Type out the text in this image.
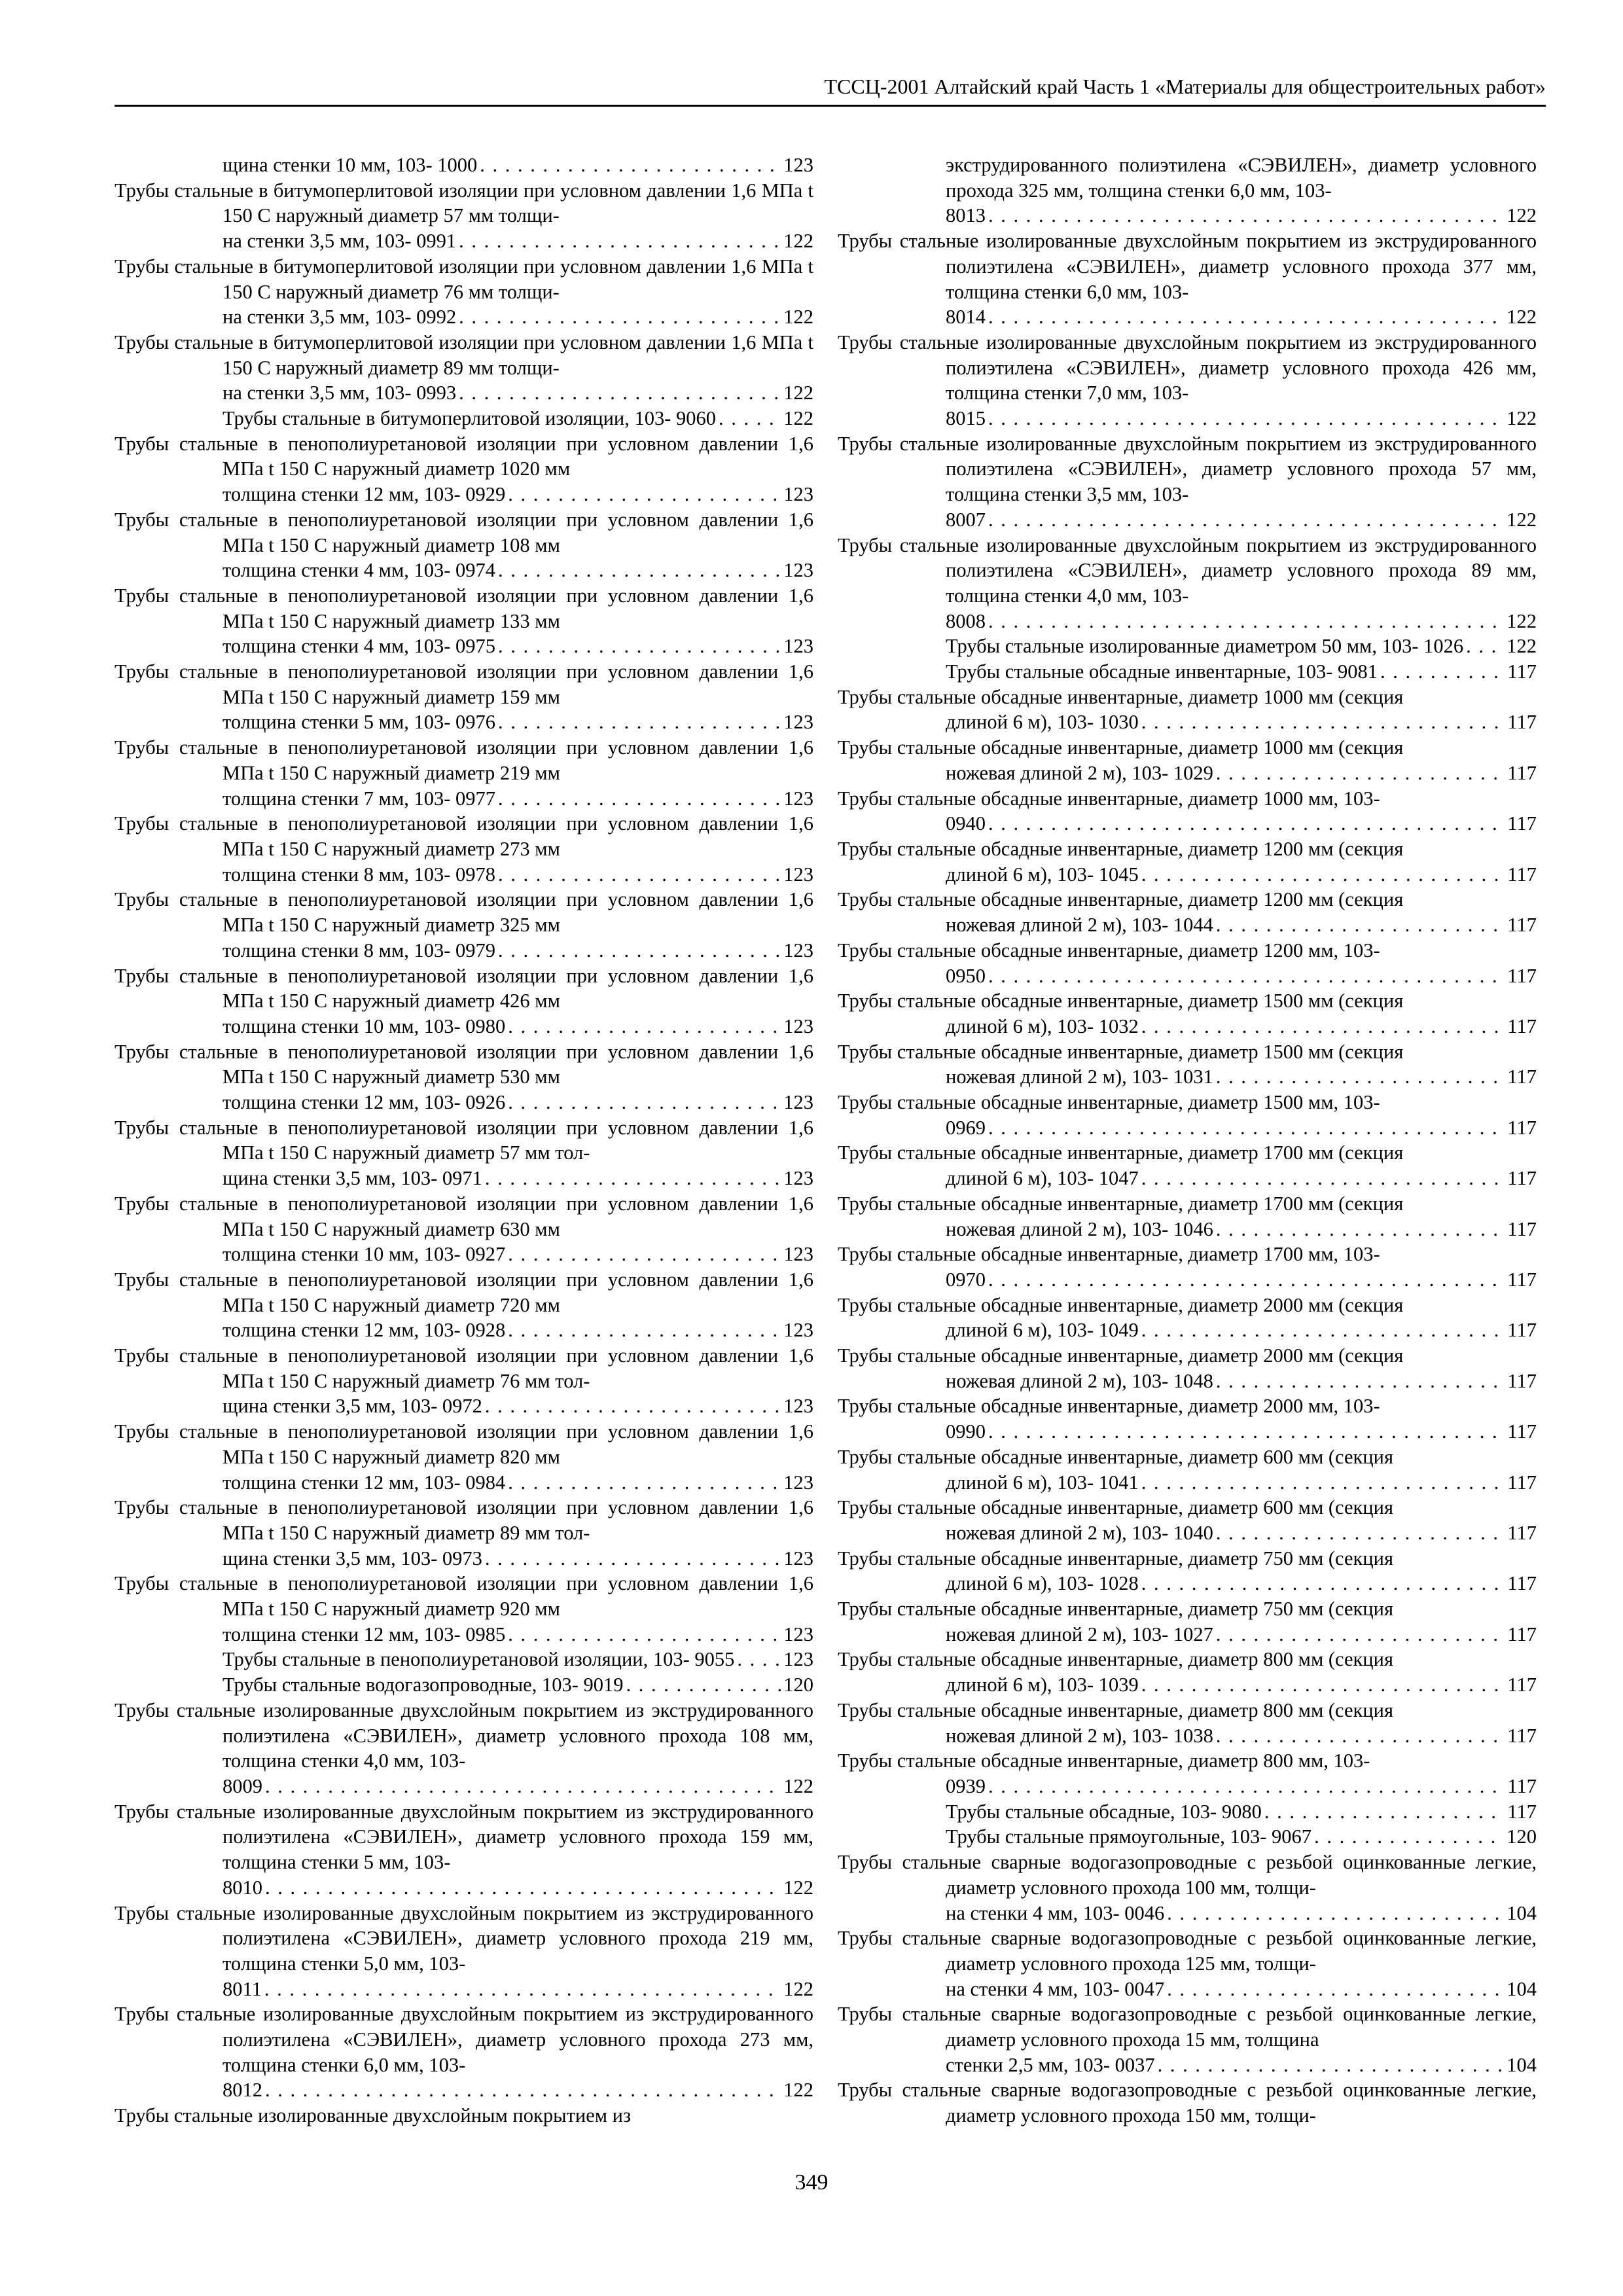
ТССЦ-2001 Алтайский край Часть 1 «Материалы для общестроительных работ»
щина стенки 10 мм, 103- 1000 . . .	123
Трубы стальные в битумоперлитовой изоляции при условном давлении 1,6 МПа t 150 С наружный диаметр 57 мм толщи-
на стенки 3,5 мм, 103- 0991 . . .	122
Трубы стальные в битумоперлитовой изоляции при условном давлении 1,6 МПа t 150 С наружный диаметр 76 мм толщи-
на стенки 3,5 мм, 103- 0992 . . .	122
Трубы стальные в битумоперлитовой изоляции при условном давлении 1,6 МПа t 150 С наружный диаметр 89 мм толщи-
на стенки 3,5 мм, 103- 0993 . . .	122
Трубы стальные в битумоперлитовой изоляции, 103- 9060 . . .	122
Трубы стальные в пенополиуретановой изоляции при условном давлении 1,6 МПа t 150 С наружный диаметр 1020 мм
толщина стенки 12 мм, 103- 0929 . . .	123
Трубы стальные в пенополиуретановой изоляции при условном давлении 1,6 МПа t 150 С наружный диаметр 108 мм
толщина стенки 4 мм, 103- 0974 . . .	123
Трубы стальные в пенополиуретановой изоляции при условном давлении 1,6 МПа t 150 С наружный диаметр 133 мм
толщина стенки 4 мм, 103- 0975 . . .	123
Трубы стальные в пенополиуретановой изоляции при условном давлении 1,6 МПа t 150 С наружный диаметр 159 мм
толщина стенки 5 мм, 103- 0976 . . .	123
Трубы стальные в пенополиуретановой изоляции при условном давлении 1,6 МПа t 150 С наружный диаметр 219 мм
толщина стенки 7 мм, 103- 0977 . . .	123
Трубы стальные в пенополиуретановой изоляции при условном давлении 1,6 МПа t 150 С наружный диаметр 273 мм
толщина стенки 8 мм, 103- 0978 . . .	123
Трубы стальные в пенополиуретановой изоляции при условном давлении 1,6 МПа t 150 С наружный диаметр 325 мм
толщина стенки 8 мм, 103- 0979 . . .	123
Трубы стальные в пенополиуретановой изоляции при условном давлении 1,6 МПа t 150 С наружный диаметр 426 мм
толщина стенки 10 мм, 103- 0980 . . .	123
Трубы стальные в пенополиуретановой изоляции при условном давлении 1,6 МПа t 150 С наружный диаметр 530 мм
толщина стенки 12 мм, 103- 0926 . . .	123
Трубы стальные в пенополиуретановой изоляции при условном давлении 1,6 МПа t 150 С наружный диаметр 57 мм тол-
щина стенки 3,5 мм, 103- 0971 . . .	123
Трубы стальные в пенополиуретановой изоляции при условном давлении 1,6 МПа t 150 С наружный диаметр 630 мм
толщина стенки 10 мм, 103- 0927 . . .	123
Трубы стальные в пенополиуретановой изоляции при условном давлении 1,6 МПа t 150 С наружный диаметр 720 мм
толщина стенки 12 мм, 103- 0928 . . .	123
Трубы стальные в пенополиуретановой изоляции при условном давлении 1,6 МПа t 150 С наружный диаметр 76 мм тол-
щина стенки 3,5 мм, 103- 0972 . . .	123
Трубы стальные в пенополиуретановой изоляции при условном давлении 1,6 МПа t 150 С наружный диаметр 820 мм
толщина стенки 12 мм, 103- 0984 . . .	123
Трубы стальные в пенополиуретановой изоляции при условном давлении 1,6 МПа t 150 С наружный диаметр 89 мм тол-
щина стенки 3,5 мм, 103- 0973 . . .	123
Трубы стальные в пенополиуретановой изоляции при условном давлении 1,6 МПа t 150 С наружный диаметр 920 мм
толщина стенки 12 мм, 103- 0985 . . .	123
Трубы стальные в пенополиуретановой изоляции, 103- 9055 . . . 123
Трубы стальные водогазопроводные, 103- 9019 . . .	120
Трубы стальные изолированные двухслойным покрытием из экструдированного полиэтилена «СЭВИЛЕН», диаметр условного прохода 108 мм, толщина стенки 4,0 мм, 103-
8009 . . .	122
Трубы стальные изолированные двухслойным покрытием из экструдированного полиэтилена «СЭВИЛЕН», диаметр условного прохода 159 мм, толщина стенки 5 мм, 103-
8010 . . .	122
Трубы стальные изолированные двухслойным покрытием из экструдированного полиэтилена «СЭВИЛЕН», диаметр условного прохода 219 мм, толщина стенки 5,0 мм, 103-
8011 . . .	122
Трубы стальные изолированные двухслойным покрытием из экструдированного полиэтилена «СЭВИЛЕН», диаметр условного прохода 273 мм, толщина стенки 6,0 мм, 103-
8012 . . .	122
Трубы стальные изолированные двухслойным покрытием из
экструдированного полиэтилена «СЭВИЛЕН», диаметр условного прохода 325 мм, толщина стенки 6,0 мм, 103-
8013 . . .	122
Трубы стальные изолированные двухслойным покрытием из экструдированного полиэтилена «СЭВИЛЕН», диаметр условного прохода 377 мм, толщина стенки 6,0 мм, 103-
8014 . . .	122
Трубы стальные изолированные двухслойным покрытием из экструдированного полиэтилена «СЭВИЛЕН», диаметр условного прохода 426 мм, толщина стенки 7,0 мм, 103-
8015 . . .	122
Трубы стальные изолированные двухслойным покрытием из экструдированного полиэтилена «СЭВИЛЕН», диаметр условного прохода 57 мм, толщина стенки 3,5 мм, 103-
8007 . . .	122
Трубы стальные изолированные двухслойным покрытием из экструдированного полиэтилена «СЭВИЛЕН», диаметр условного прохода 89 мм, толщина стенки 4,0 мм, 103-
8008 . . .	122
Трубы стальные изолированные диаметром 50 мм, 103- 1026 . . . 122
Трубы стальные обсадные инвентарные, 103- 9081 . . .	117
Трубы стальные обсадные инвентарные, диаметр 1000 мм (секция
длиной 6 м), 103- 1030 . . .	117
Трубы стальные обсадные инвентарные, диаметр 1000 мм (секция
ножевая длиной 2 м), 103- 1029 . . .	117
Трубы стальные обсадные инвентарные, диаметр 1000 мм, 103-
0940 . . .	117
Трубы стальные обсадные инвентарные, диаметр 1200 мм (секция
длиной 6 м), 103- 1045 . . .	117
Трубы стальные обсадные инвентарные, диаметр 1200 мм (секция
ножевая длиной 2 м), 103- 1044 . . .	117
Трубы стальные обсадные инвентарные, диаметр 1200 мм, 103-
0950 . . .	117
Трубы стальные обсадные инвентарные, диаметр 1500 мм (секция
длиной 6 м), 103- 1032 . . .	117
Трубы стальные обсадные инвентарные, диаметр 1500 мм (секция
ножевая длиной 2 м), 103- 1031 . . .	117
Трубы стальные обсадные инвентарные, диаметр 1500 мм, 103-
0969 . . .	117
Трубы стальные обсадные инвентарные, диаметр 1700 мм (секция
длиной 6 м), 103- 1047 . . .	117
Трубы стальные обсадные инвентарные, диаметр 1700 мм (секция
ножевая длиной 2 м), 103- 1046 . . .	117
Трубы стальные обсадные инвентарные, диаметр 1700 мм, 103-
0970 . . .	117
Трубы стальные обсадные инвентарные, диаметр 2000 мм (секция
длиной 6 м), 103- 1049 . . .	117
Трубы стальные обсадные инвентарные, диаметр 2000 мм (секция
ножевая длиной 2 м), 103- 1048 . . .	117
Трубы стальные обсадные инвентарные, диаметр 2000 мм, 103-
0990 . . .	117
Трубы стальные обсадные инвентарные, диаметр 600 мм (секция
длиной 6 м), 103- 1041 . . .	117
Трубы стальные обсадные инвентарные, диаметр 600 мм (секция
ножевая длиной 2 м), 103- 1040 . . .	117
Трубы стальные обсадные инвентарные, диаметр 750 мм (секция
длиной 6 м), 103- 1028 . . .	117
Трубы стальные обсадные инвентарные, диаметр 750 мм (секция
ножевая длиной 2 м), 103- 1027 . . .	117
Трубы стальные обсадные инвентарные, диаметр 800 мм (секция
длиной 6 м), 103- 1039 . . .	117
Трубы стальные обсадные инвентарные, диаметр 800 мм (секция
ножевая длиной 2 м), 103- 1038 . . .	117
Трубы стальные обсадные инвентарные, диаметр 800 мм, 103-
0939 . . .	117
Трубы стальные обсадные, 103- 9080 . . .	117
Трубы стальные прямоугольные, 103- 9067 . . .	120
Трубы стальные сварные водогазопроводные с резьбой оцинкованные легкие, диаметр условного прохода 100 мм, толщи-
на стенки 4 мм, 103- 0046 . . .	104
Трубы стальные сварные водогазопроводные с резьбой оцинкованные легкие, диаметр условного прохода 125 мм, толщи-
на стенки 4 мм, 103- 0047 . . .	104
Трубы стальные сварные водогазопроводные с резьбой оцинкованные легкие, диаметр условного прохода 15 мм, толщина
стенки 2,5 мм, 103- 0037 . . .	104
Трубы стальные сварные водогазопроводные с резьбой оцинкованные легкие, диаметр условного прохода 150 мм, толщи-
349
